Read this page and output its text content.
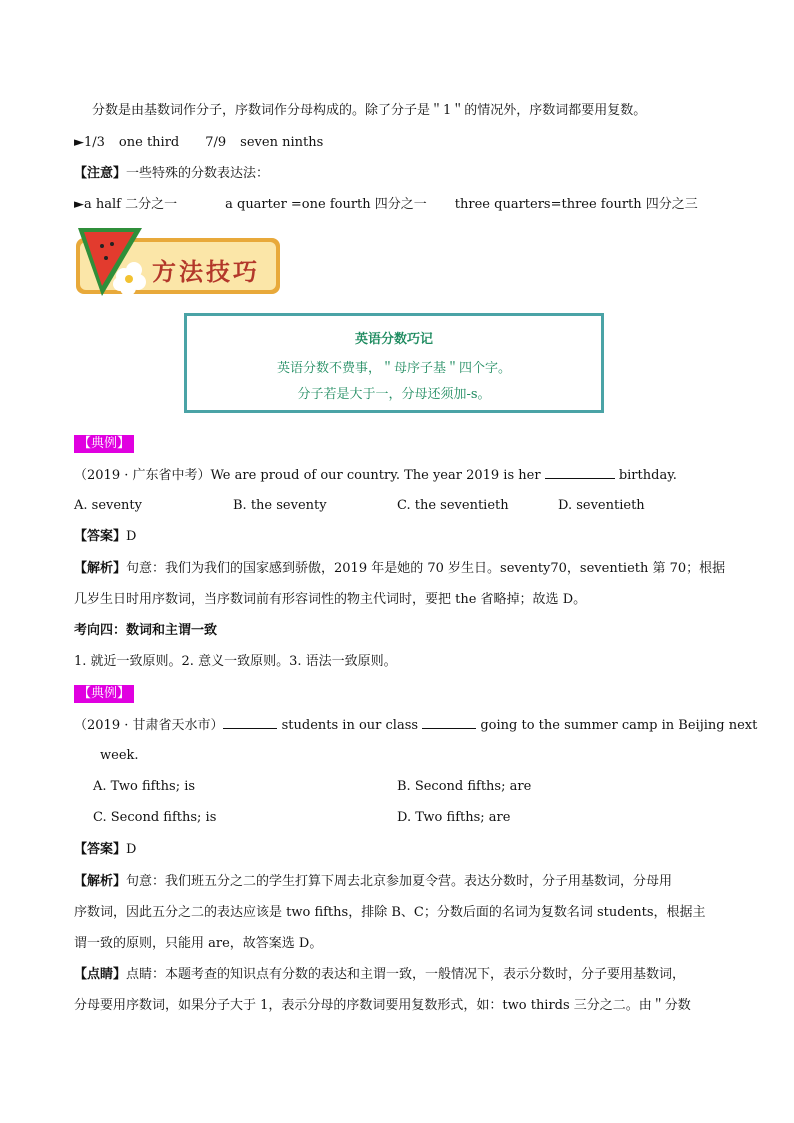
分数是由基数词作分子，序数词作分母构成的。除了分子是＂1＂的情况外，序数词都要用复数。
►1/3 one third 7/9 seven ninths
【注意】一些特殊的分数表达法：
►a half 二分之一	a quarter =one fourth 四分之一 three quarters=three fourth 四分之三
方法技巧
英语分数巧记
英语分数不费事，＂母序子基＂四个字。
分子若是大于一，分母还须加-s。
【典例】
（2019 · 广东省中考）We are proud of our country. The year 2019 is her	birthday.
A. seventy	B. the seventy	C. the seventieth	D. seventieth
【答案】D
【解析】句意：我们为我们的国家感到骄傲，2019 年是她的 70 岁生日。seventy70，seventieth 第 70；根据
几岁生日时用序数词，当序数词前有形容词性的物主代词时，要把 the 省略掉；故选 D。
考向四：数词和主谓一致
1. 就近一致原则。2. 意义一致原则。3. 语法一致原则。
【典例】
（2019 · 甘肃省天水市）	students in our class	going to the summer camp in Beijing next
week.
A. Two fifths; is	B. Second fifths; are
C. Second fifths; is	D. Two fifths; are
【答案】D
【解析】句意：我们班五分之二的学生打算下周去北京参加夏令营。表达分数时，分子用基数词，分母用
序数词，因此五分之二的表达应该是 two fifths，排除 B、C；分数后面的名词为复数名词 students，根据主
谓一致的原则，只能用 are，故答案选 D。
【点睛】点睛：本题考查的知识点有分数的表达和主谓一致，一般情况下，表示分数时，分子要用基数词，
分母要用序数词，如果分子大于 1，表示分母的序数词要用复数形式，如：two thirds 三分之二。由＂分数
